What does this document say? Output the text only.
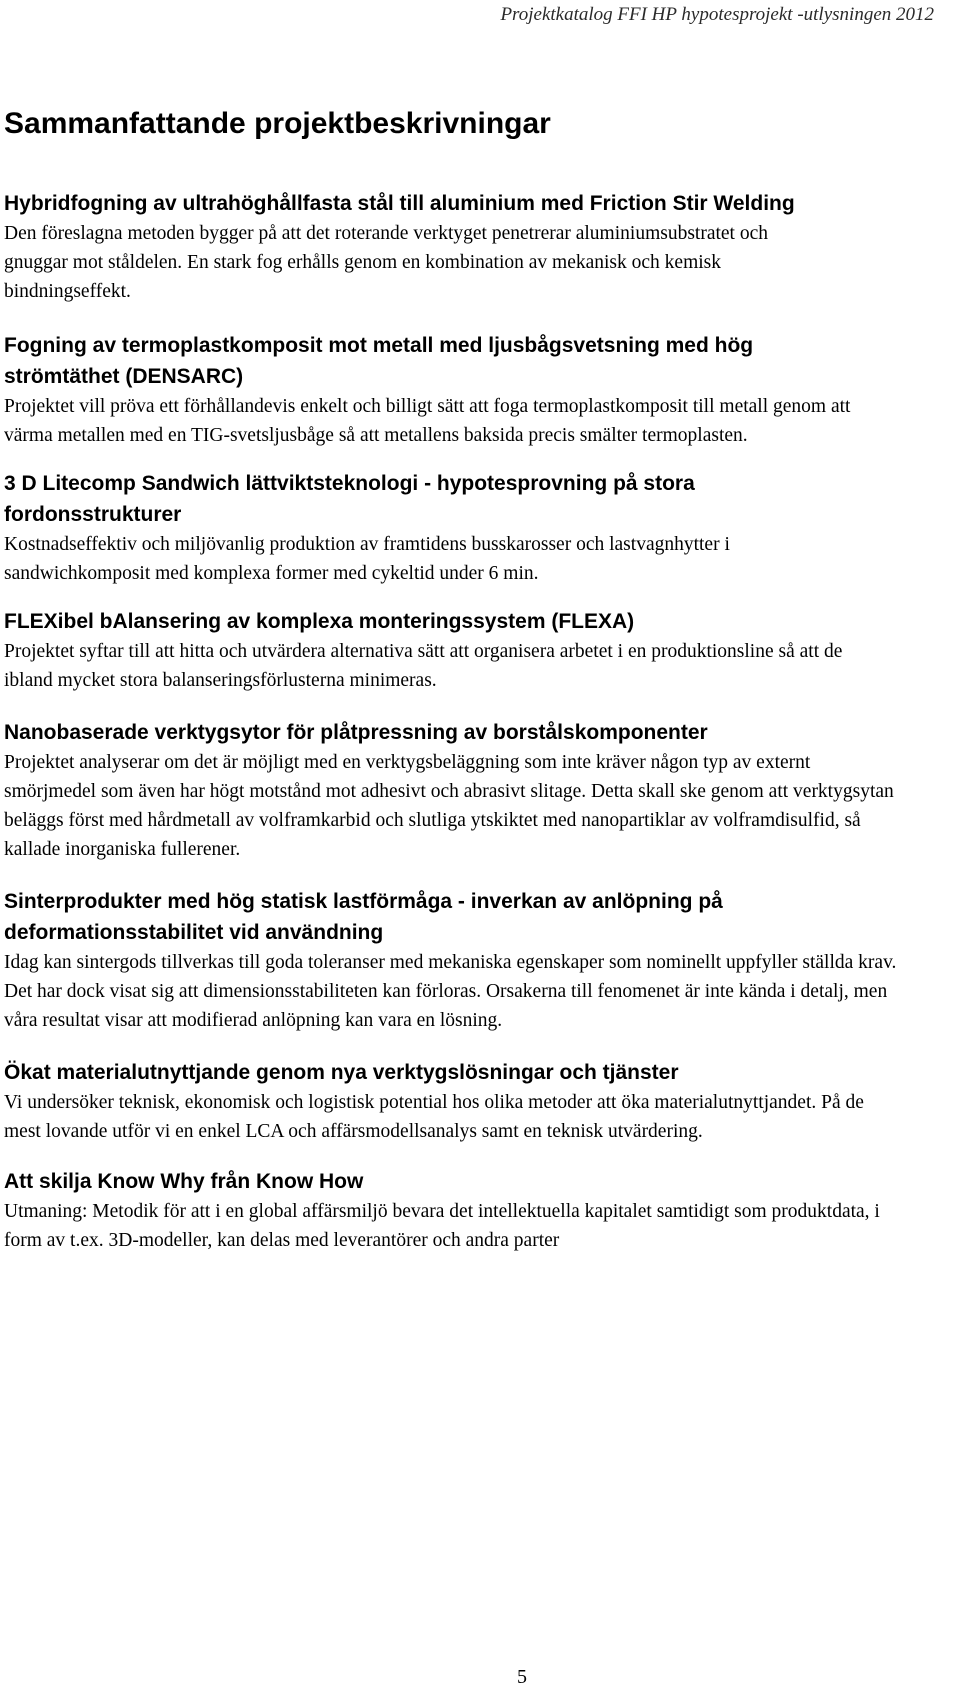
Projektkatalog FFI HP hypotesprojekt -utlysningen 2012
Sammanfattande projektbeskrivningar
Hybridfogning av ultrahöghållfasta stål till aluminium med Friction Stir Welding

Den föreslagna metoden bygger på att det roterande verktyget penetrerar aluminiumsubstratet och gnuggar mot ståldelen. En stark fog erhålls genom en kombination av mekanisk och kemisk bindningseffekt.

Fogning av termoplastkomposit mot metall med ljusbågsvetsning med hög strömtäthet (DENSARC)

Projektet vill pröva ett förhållandevis enkelt och billigt sätt att foga termoplastkomposit till metall genom att värma metallen med en TIG-svetsljusbåge så att metallens baksida precis smälter termoplasten.

3 D Litecomp Sandwich lättviktsteknologi - hypotesprovning på stora fordonsstrukturer

Kostnadseffektiv och miljövanlig produktion av framtidens busskarosser och lastvagnhytter i sandwichkomposit med komplexa former med cykeltid under 6 min.

FLEXibel bAlansering av komplexa monteringssystem (FLEXA)

Projektet syftar till att hitta och utvärdera alternativa sätt att organisera arbetet i en produktionsline så att de ibland mycket stora balanseringsförlusterna minimeras.

Nanobaserade verktygsytor för plåtpressning av borstålskomponenter

Projektet analyserar om det är möjligt med en verktygsbeläggning som inte kräver någon typ av externt smörjmedel som även har högt motstånd mot adhesivt och abrasivt slitage. Detta skall ske genom att verktygsytan beläggs först med hårdmetall av volframkarbid och slutliga ytskiktet med nanopartiklar av volframdisulfid, så kallade inorganiska fullerener.

Sinterprodukter med hög statisk lastförmåga - inverkan av anlöpning på deformationsstabilitet vid användning

Idag kan sintergods tillverkas till goda toleranser med mekaniska egenskaper som nominellt uppfyller ställda krav. Det har dock visat sig att dimensionsstabiliteten kan förloras. Orsakerna till fenomenet är inte kända i detalj, men våra resultat visar att modifierad anlöpning kan vara en lösning.

Ökat materialutnyttjande genom nya verktygslösningar och tjänster

Vi undersöker teknisk, ekonomisk och logistisk potential hos olika metoder att öka materialutnyttjandet. På de mest lovande utför vi en enkel LCA och affärsmodellsanalys samt en teknisk utvärdering.

Att skilja Know Why från Know How

Utmaning: Metodik för att i en global affärsmiljö bevara det intellektuella kapitalet samtidigt som produktdata, i form av t.ex. 3D-modeller, kan delas med leverantörer och andra parter

5
